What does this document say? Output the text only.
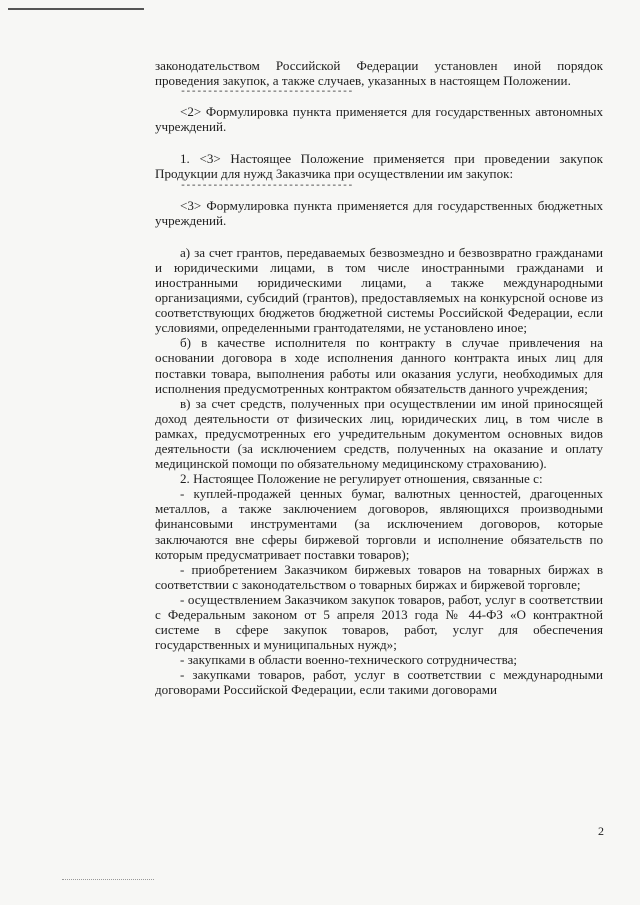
законодательством Российской Федерации установлен иной порядок проведения закупок, а также случаев, указанных в настоящем Положении.

--------------------------------

<2> Формулировка пункта применяется для государственных автономных учреждений.

1. <3> Настоящее Положение применяется при проведении закупок Продукции для нужд Заказчика при осуществлении им закупок:

--------------------------------

<3> Формулировка пункта применяется для государственных бюджетных учреждений.

а) за счет грантов, передаваемых безвозмездно и безвозвратно гражданами и юридическими лицами, в том числе иностранными гражданами и иностранными юридическими лицами, а также международными организациями, субсидий (грантов), предоставляемых на конкурсной основе из соответствующих бюджетов бюджетной системы Российской Федерации, если условиями, определенными грантодателями, не установлено иное;

б) в качестве исполнителя по контракту в случае привлечения на основании договора в ходе исполнения данного контракта иных лиц для поставки товара, выполнения работы или оказания услуги, необходимых для исполнения предусмотренных контрактом обязательств данного учреждения;

в) за счет средств, полученных при осуществлении им иной приносящей доход деятельности от физических лиц, юридических лиц, в том числе в рамках, предусмотренных его учредительным документом основных видов деятельности (за исключением средств, полученных на оказание и оплату медицинской помощи по обязательному медицинскому страхованию).

2. Настоящее Положение не регулирует отношения, связанные с:

- куплей-продажей ценных бумаг, валютных ценностей, драгоценных металлов, а также заключением договоров, являющихся производными финансовыми инструментами (за исключением договоров, которые заключаются вне сферы биржевой торговли и исполнение обязательств по которым предусматривает поставки товаров);

- приобретением Заказчиком биржевых товаров на товарных биржах в соответствии с законодательством о товарных биржах и биржевой торговле;

- осуществлением Заказчиком закупок товаров, работ, услуг в соответствии с Федеральным законом от 5 апреля 2013 года № 44-ФЗ «О контрактной системе в сфере закупок товаров, работ, услуг для обеспечения государственных и муниципальных нужд»;

- закупками в области военно-технического сотрудничества;

- закупками товаров, работ, услуг в соответствии с международными договорами Российской Федерации, если такими договорами

2
